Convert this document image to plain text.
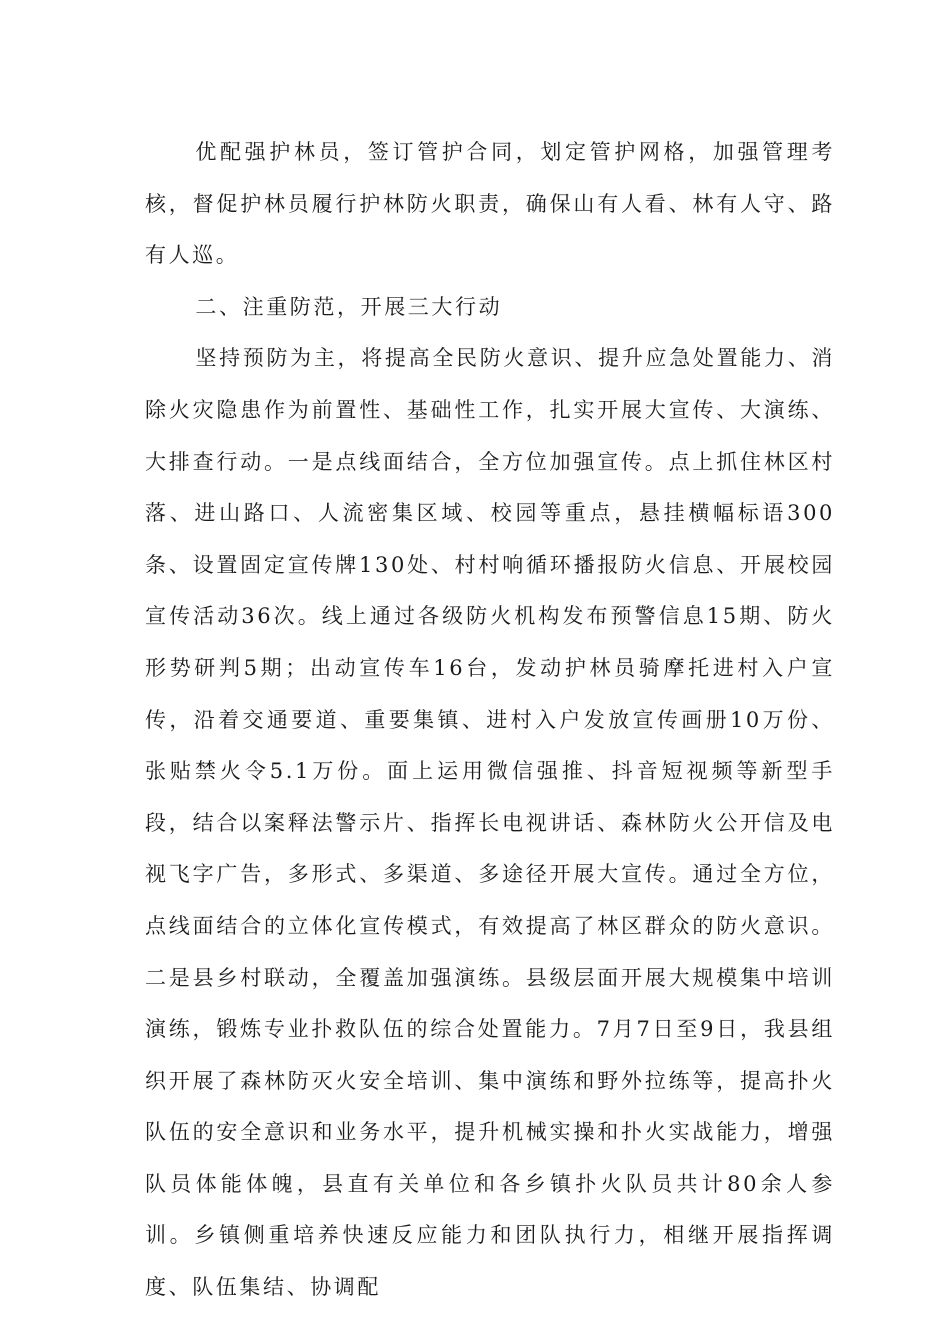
优配强护林员，签订管护合同，划定管护网格，加强管理考核，督促护林员履行护林防火职责，确保山有人看、林有人守、路有人巡。

二、注重防范，开展三大行动

坚持预防为主，将提高全民防火意识、提升应急处置能力、消除火灾隐患作为前置性、基础性工作，扎实开展大宣传、大演练、大排查行动。一是点线面结合，全方位加强宣传。点上抓住林区村落、进山路口、人流密集区域、校园等重点，悬挂横幅标语300条、设置固定宣传牌130处、村村响循环播报防火信息、开展校园宣传活动36次。线上通过各级防火机构发布预警信息15期、防火形势研判5期；出动宣传车16台，发动护林员骑摩托进村入户宣传，沿着交通要道、重要集镇、进村入户发放宣传画册10万份、张贴禁火令5.1万份。面上运用微信强推、抖音短视频等新型手段，结合以案释法警示片、指挥长电视讲话、森林防火公开信及电视飞字广告，多形式、多渠道、多途径开展大宣传。通过全方位，点线面结合的立体化宣传模式，有效提高了林区群众的防火意识。二是县乡村联动，全覆盖加强演练。县级层面开展大规模集中培训演练，锻炼专业扑救队伍的综合处置能力。7月7日至9日，我县组织开展了森林防灭火安全培训、集中演练和野外拉练等，提高扑火队伍的安全意识和业务水平，提升机械实操和扑火实战能力，增强队员体能体魄，县直有关单位和各乡镇扑火队员共计80余人参训。乡镇侧重培养快速反应能力和团队执行力，相继开展指挥调度、队伍集结、协调配
